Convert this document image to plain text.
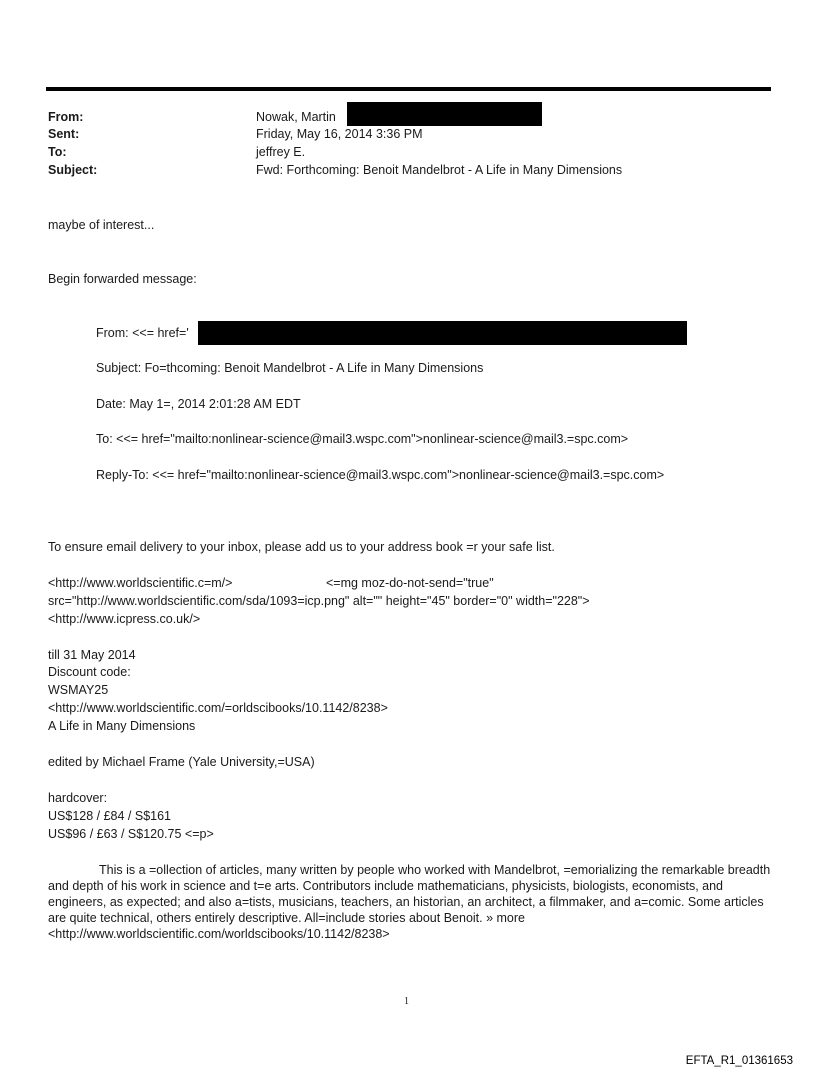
From:	Nowak, Martin
Sent:	Friday, May 16, 2014 3:36 PM
To:	jeffrey E.
Subject:	Fwd: Forthcoming: Benoit Mandelbrot - A Life in Many Dimensions
maybe of interest...
Begin forwarded message:
From: <<= href='
Subject: Fo=thcoming: Benoit Mandelbrot - A Life in Many Dimensions
Date: May 1=, 2014 2:01:28 AM EDT
To: <<= href="mailto:nonlinear-science@mail3.wspc.com">nonlinear-science@mail3.=spc.com>
Reply-To: <<= href="mailto:nonlinear-science@mail3.wspc.com">nonlinear-science@mail3.=spc.com>
To ensure email delivery to your inbox, please add us to your address book =r your safe list.
<http://www.worldscientific.c=m/>	<=mg moz-do-not-send="true"
src="http://www.worldscientific.com/sda/1093=icp.png" alt="" height="45" border="0" width="228">
<http://www.icpress.co.uk/>
till 31 May 2014
Discount code:
WSMAY25
<http://www.worldscientific.com/=orldscibooks/10.1142/8238>
A Life in Many Dimensions
edited by Michael Frame (Yale University,=USA)
hardcover:
US$128 / £84 / S$161
US$96 / £63 / S$120.75 <=p>
This is a =ollection of articles, many written by people who worked with Mandelbrot, =emorializing the remarkable breadth and depth of his work in science and t=e arts. Contributors include mathematicians, physicists, biologists, economists, and engineers, as expected; and also a=tists, musicians, teachers, an historian, an architect, a filmmaker, and a=comic. Some articles are quite technical, others entirely descriptive. All=include stories about Benoit. » more <http://www.worldscientific.com/worldscibooks/10.1142/8238>
1
EFTA_R1_01361653
